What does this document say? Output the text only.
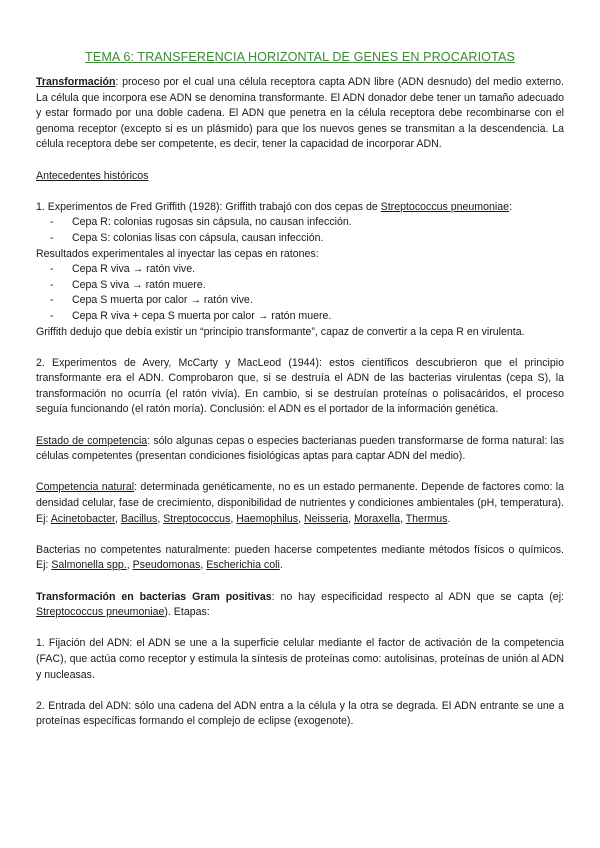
TEMA 6: TRANSFERENCIA HORIZONTAL DE GENES EN PROCARIOTAS

Transformación: proceso por el cual una célula receptora capta ADN libre (ADN desnudo) del medio externo. La célula que incorpora ese ADN se denomina transformante. El ADN donador debe tener un tamaño adecuado y estar formado por una doble cadena. El ADN que penetra en la célula receptora debe recombinarse con el genoma receptor (excepto si es un plásmido) para que los nuevos genes se transmitan a la descendencia. La célula receptora debe ser competente, es decir, tener la capacidad de incorporar ADN.

Antecedentes históricos

1. Experimentos de Fred Griffith (1928): Griffith trabajó con dos cepas de Streptococcus pneumoniae:

- Cepa R: colonias rugosas sin cápsula, no causan infección.
- Cepa S: colonias lisas con cápsula, causan infección.

Resultados experimentales al inyectar las cepas en ratones:

- Cepa R viva → ratón vive.
- Cepa S viva → ratón muere.
- Cepa S muerta por calor → ratón vive.
- Cepa R viva + cepa S muerta por calor → ratón muere.

Griffith dedujo que debía existir un “principio transformante”, capaz de convertir a la cepa R en virulenta.

2. Experimentos de Avery, McCarty y MacLeod (1944): estos científicos descubrieron que el principio transformante era el ADN. Comprobaron que, si se destruía el ADN de las bacterias virulentas (cepa S), la transformación no ocurría (el ratón vivía). En cambio, si se destruían proteínas o polisacáridos, el proceso seguía funcionando (el ratón moría). Conclusión: el ADN es el portador de la información genética.

Estado de competencia: sólo algunas cepas o especies bacterianas pueden transformarse de forma natural: las células competentes (presentan condiciones fisiológicas aptas para captar ADN del medio).

Competencia natural: determinada genéticamente, no es un estado permanente. Depende de factores como: la densidad celular, fase de crecimiento, disponibilidad de nutrientes y condiciones ambientales (pH, temperatura). Ej: Acinetobacter, Bacillus, Streptococcus, Haemophilus, Neisseria, Moraxella, Thermus.

Bacterias no competentes naturalmente: pueden hacerse competentes mediante métodos físicos o químicos. Ej: Salmonella spp., Pseudomonas, Escherichia coli.

Transformación en bacterias Gram positivas: no hay especificidad respecto al ADN que se capta (ej: Streptococcus pneumoniae). Etapas:

1. Fijación del ADN: el ADN se une a la superficie celular mediante el factor de activación de la competencia (FAC), que actúa como receptor y estimula la síntesis de proteínas como: autolisinas, proteínas de unión al ADN y nucleasas.

2. Entrada del ADN: sólo una cadena del ADN entra a la célula y la otra se degrada. El ADN entrante se une a proteínas específicas formando el complejo de eclipse (exogenote).
